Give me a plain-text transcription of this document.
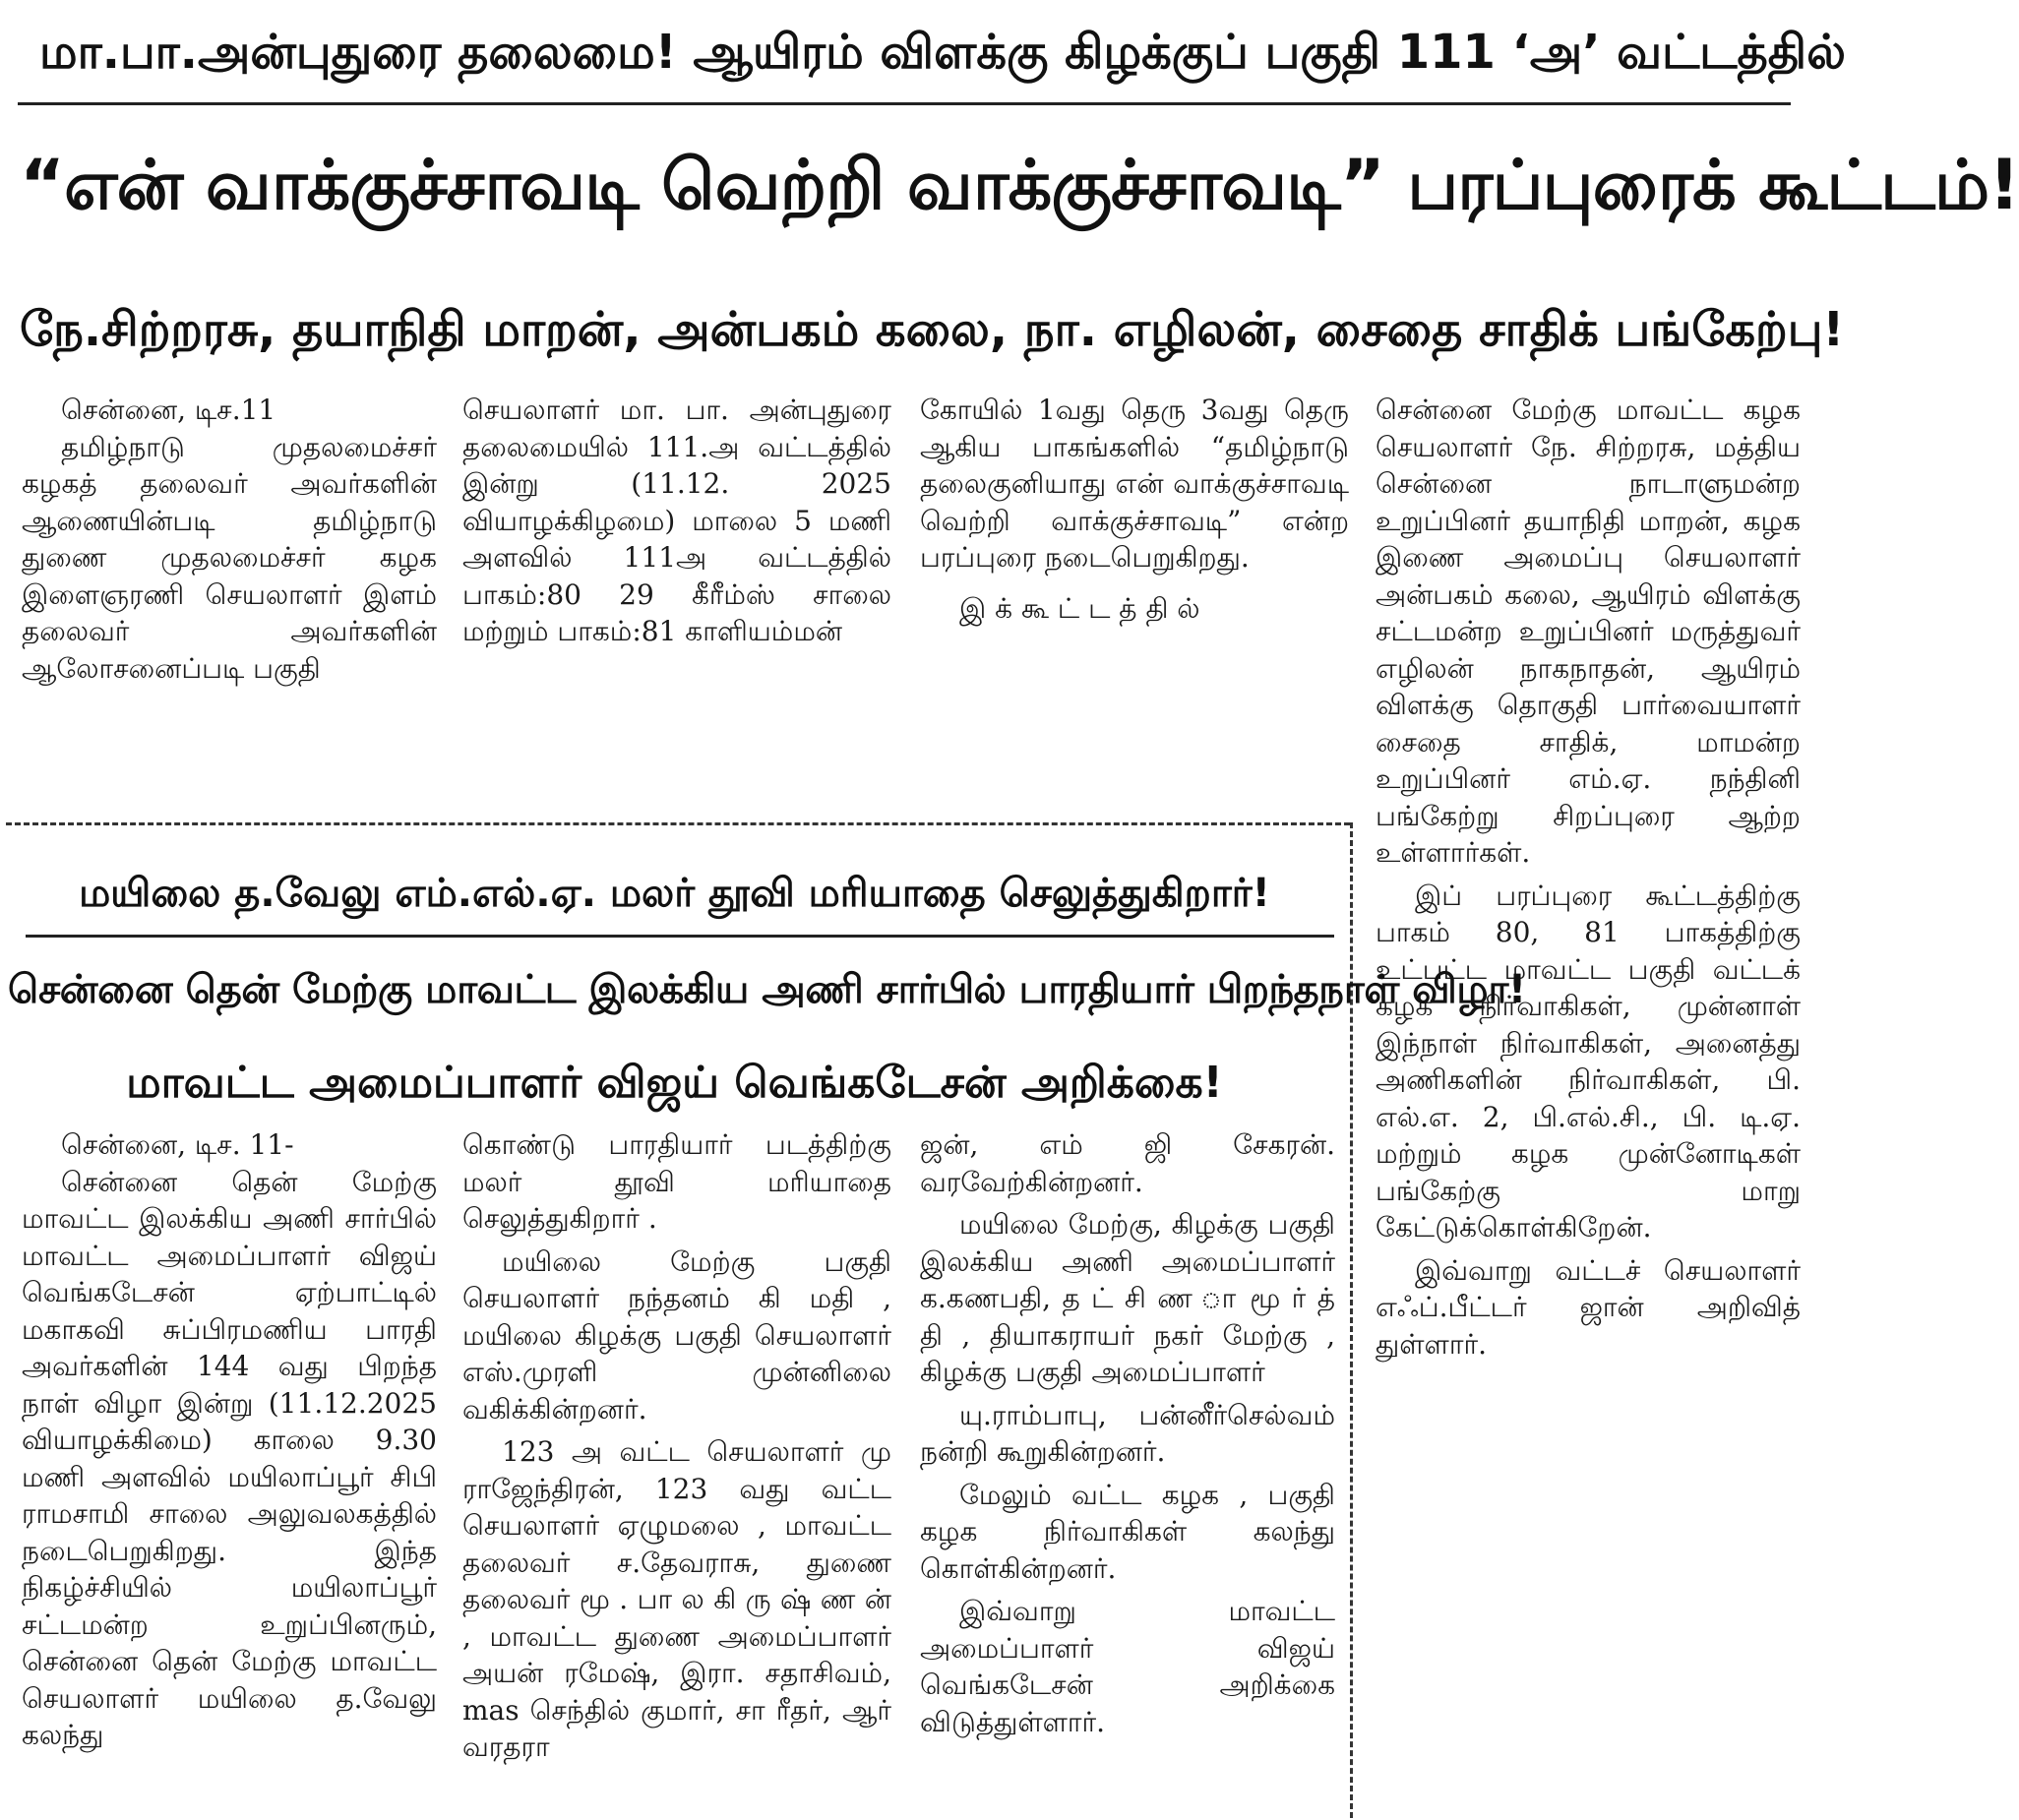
மா.பா.அன்புதுரை தலைமை! ஆயிரம் விளக்கு கிழக்குப் பகுதி 111 ‘அ’ வட்டத்தில்
“என் வாக்குச்சாவடி வெற்றி வாக்குச்சாவடி” பரப்புரைக் கூட்டம்!
நே.சிற்றரசு, தயாநிதி மாறன், அன்பகம் கலை, நா. எழிலன், சைதை சாதிக் பங்கேற்பு!

சென்னை, டிச.11

தமிழ்நாடு முதலமைச்சர் கழகத் தலைவர் அவர்களின் ஆணையின்படி தமிழ்நாடு துணை முதலமைச்சர் கழக இளைஞரணி செயலாளர் இளம் தலைவர் அவர்களின் ஆலோசனைப்படி பகுதி

செயலாளர் மா. பா. அன்புதுரை தலைமையில் 111.அ வட்டத்தில் இன்று (11.12. 2025 வியாழக்கிழமை) மாலை 5 மணி அளவில் 111அ வட்டத்தில் பாகம்:80 29 கீரீம்ஸ் சாலை மற்றும் பாகம்:81 காளியம்மன்

கோயில் 1வது தெரு 3வது தெரு ஆகிய பாகங்களில் “தமிழ்நாடு தலைகுனியாது என் வாக்குச்சாவடி வெற்றி வாக்குச்சாவடி” என்ற பரப்புரை நடைபெறுகிறது.

இ க் கூ ட் ட த் தி ல்

சென்னை மேற்கு மாவட்ட கழக செயலாளர் நே. சிற்றரசு, மத்திய சென்னை நாடாளுமன்ற உறுப்பினர் தயாநிதி மாறன், கழக இணை அமைப்பு செயலாளர் அன்பகம் கலை, ஆயிரம் விளக்கு சட்டமன்ற உறுப்பினர் மருத்துவர் எழிலன் நாகநாதன், ஆயிரம் விளக்கு தொகுதி பார்வையாளர் சைதை சாதிக், மாமன்ற உறுப்பினர் எம்.ஏ. நந்தினி பங்கேற்று சிறப்புரை ஆற்ற உள்ளார்கள்.

இப் பரப்புரை கூட்டத்திற்கு பாகம் 80, 81 பாகத்திற்கு உட்பட்ட மாவட்ட பகுதி வட்டக் கழக நிர்வாகிகள், முன்னாள் இந்நாள் நிர்வாகிகள், அனைத்து அணிகளின் நிர்வாகிகள், பி. எல்.எ. 2, பி.எல்.சி., பி. டி.ஏ. மற்றும் கழக முன்னோடிகள் பங்கேற்கு மாறு கேட்டுக்கொள்கிறேன்.

இவ்வாறு வட்டச் செயலாளர் எஃப்.பீட்டர் ஜான் அறிவித் துள்ளார்.

மயிலை த.வேலு எம்.எல்.ஏ. மலர் தூவி மரியாதை செலுத்துகிறார்!
சென்னை தென் மேற்கு மாவட்ட இலக்கிய அணி சார்பில் பாரதியார் பிறந்தநாள் விழா!
மாவட்ட அமைப்பாளர் விஜய் வெங்கடேசன் அறிக்கை!

சென்னை, டிச. 11-

சென்னை தென் மேற்கு மாவட்ட இலக்கிய அணி சார்பில் மாவட்ட அமைப்பாளர் விஜய் வெங்கடேசன் ஏற்பாட்டில் மகாகவி சுப்பிரமணிய பாரதி அவர்களின் 144 வது பிறந்த நாள் விழா இன்று (11.12.2025 வியாழக்கிமை) காலை 9.30 மணி அளவில் மயிலாப்பூர் சிபி ராமசாமி சாலை அலுவலகத்தில் நடைபெறுகிறது. இந்த நிகழ்ச்சியில் மயிலாப்பூர் சட்டமன்ற உறுப்பினரும், சென்னை தென் மேற்கு மாவட்ட செயலாளர் மயிலை த.வேலு கலந்து

கொண்டு பாரதியார் படத்திற்கு மலர் தூவி மரியாதை செலுத்துகிறார் .

மயிலை மேற்கு பகுதி செயலாளர் நந்தனம் கி மதி , மயிலை கிழக்கு பகுதி செயலாளர் எஸ்.முரளி முன்னிலை வகிக்கின்றனர்.

123 அ வட்ட செயலாளர் மு ராஜேந்திரன், 123 வது வட்ட செயலாளர் ஏழுமலை , மாவட்ட தலைவர் ச.தேவராசு, துணை தலைவர் மூ . பா ல கி ரு ஷ் ண ன் , மாவட்ட துணை அமைப்பாளர் அயன் ரமேஷ், இரா. சதாசிவம், mas செந்தில் குமார், சா ரீதர், ஆர் வரதரா

ஜன், எம் ஜி சேகரன். வரவேற்கின்றனர்.

மயிலை மேற்கு, கிழக்கு பகுதி இலக்கிய அணி அமைப்பாளர் க.கணபதி, த ட் சி ண ா மூ ர் த் தி , தியாகராயர் நகர் மேற்கு , கிழக்கு பகுதி அமைப்பாளர்

யு.ராம்பாபு, பன்னீர்செல்வம் நன்றி கூறுகின்றனர்.

மேலும் வட்ட கழக , பகுதி கழக நிர்வாகிகள் கலந்து கொள்கின்றனர்.

இவ்வாறு மாவட்ட அமைப்பாளர் விஜய் வெங்கடேசன் அறிக்கை விடுத்துள்ளார்.
